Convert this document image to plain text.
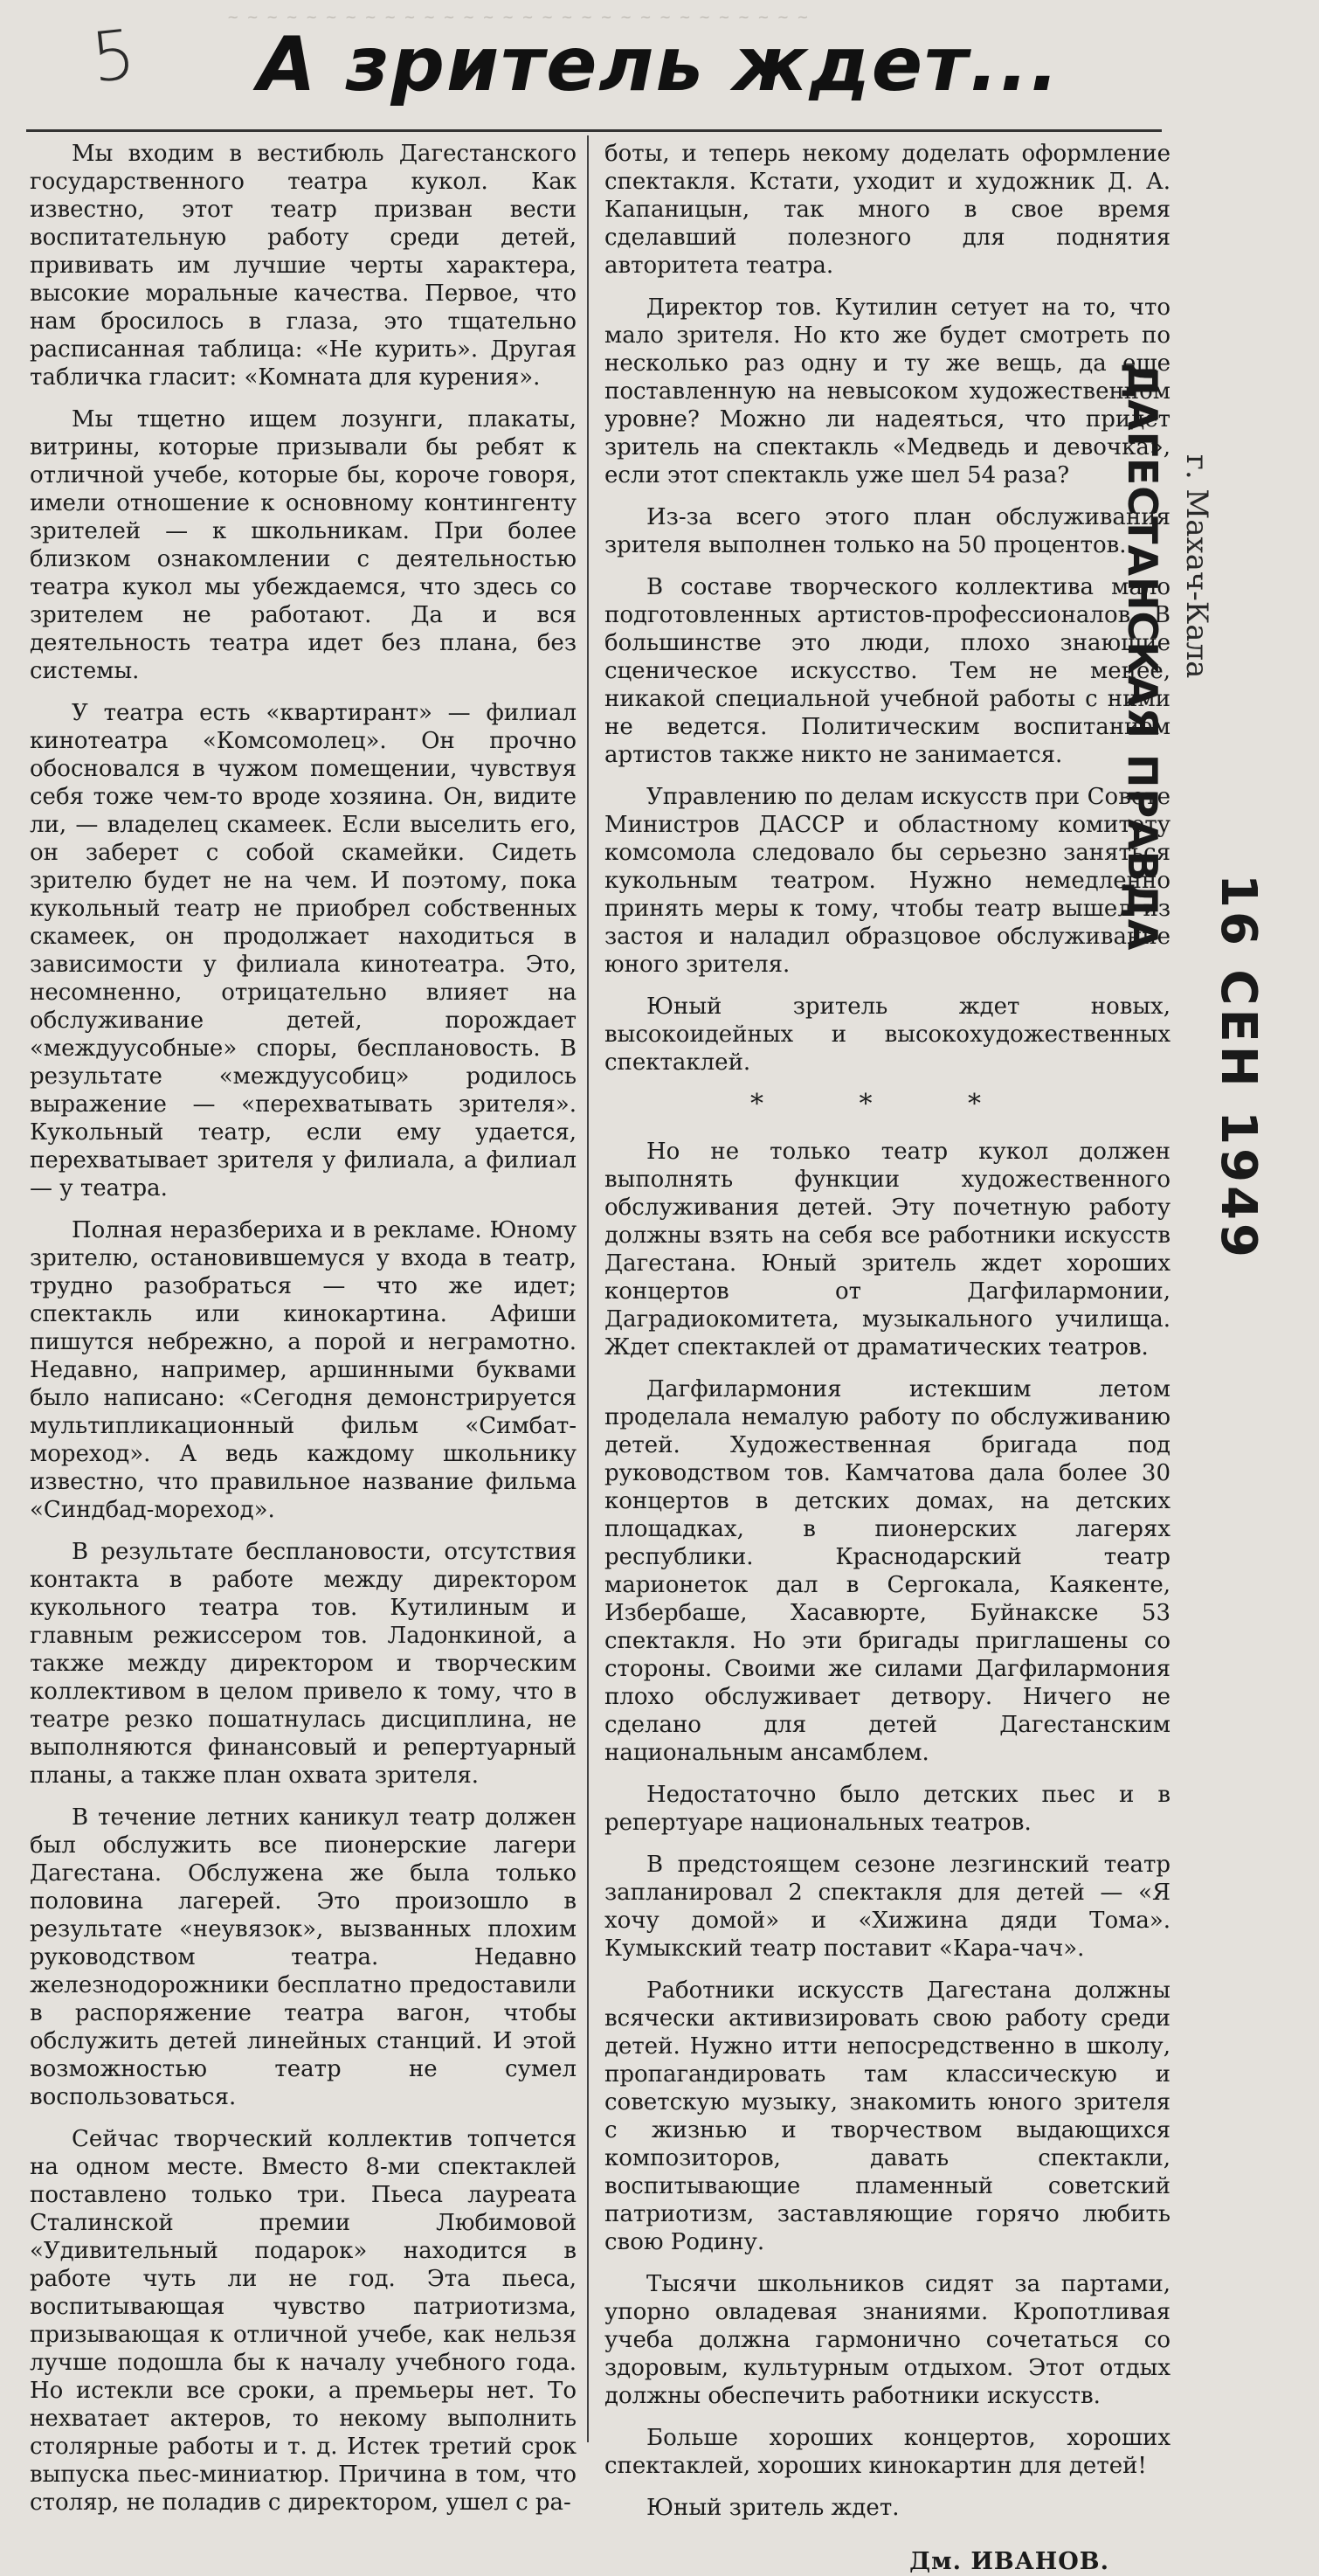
~ ~ ~ ~ ~ ~ ~ ~ ~ ~ ~ ~ ~ ~ ~ ~ ~ ~ ~ ~ ~ ~ ~ ~ ~ ~ ~ ~ ~ ~
5 А зритель ждет...

Мы входим в вестибюль Дагестанского государственного театра кукол. Как известно, этот театр призван вести воспитательную работу среди детей, прививать им лучшие черты характера, высокие моральные качества. Первое, что нам бросилось в глаза, это тщательно расписанная таблица: «Не курить». Другая табличка гласит: «Комната для курения».

Мы тщетно ищем лозунги, плакаты, витрины, которые призывали бы ребят к отличной учебе, которые бы, короче говоря, имели отношение к основному контингенту зрителей — к школьникам. При более близком ознакомлении с деятельностью театра кукол мы убеждаемся, что здесь со зрителем не работают. Да и вся деятельность театра идет без плана, без системы.

У театра есть «квартирант» — филиал кинотеатра «Комсомолец». Он прочно обосновался в чужом помещении, чувствуя себя тоже чем-то вроде хозяина. Он, видите ли, — владелец скамеек. Если выселить его, он заберет с собой скамейки. Сидеть зрителю будет не на чем. И поэтому, пока кукольный театр не приобрел собственных скамеек, он продолжает находиться в зависимости у филиала кинотеатра. Это, несомненно, отрицательно влияет на обслуживание детей, порождает «междуусобные» споры, бесплановость. В результате «междуусобиц» родилось выражение — «перехватывать зрителя». Кукольный театр, если ему удается, перехватывает зрителя у филиала, а филиал — у театра.

Полная неразбериха и в рекламе. Юному зрителю, остановившемуся у входа в театр, трудно разобраться — что же идет; спектакль или кинокартина. Афиши пишутся небрежно, а порой и неграмотно. Недавно, например, аршинными буквами было написано: «Сегодня демонстрируется мультипликационный фильм «Симбат-мореход». А ведь каждому школьнику известно, что правильное название фильма «Синдбад-мореход».

В результате бесплановости, отсутствия контакта в работе между директором кукольного театра тов. Кутилиным и главным режиссером тов. Ладонкиной, а также между директором и творческим коллективом в целом привело к тому, что в театре резко пошатнулась дисциплина, не выполняются финансовый и репертуарный планы, а также план охвата зрителя.

В течение летних каникул театр должен был обслужить все пионерские лагери Дагестана. Обслужена же была только половина лагерей. Это произошло в результате «неувязок», вызванных плохим руководством театра. Недавно железнодорожники бесплатно предоставили в распоряжение театра вагон, чтобы обслужить детей линейных станций. И этой возможностью театр не сумел воспользоваться.

Сейчас творческий коллектив топчется на одном месте. Вместо 8-ми спектаклей поставлено только три. Пьеса лауреата Сталинской премии Любимовой «Удивительный подарок» находится в работе чуть ли не год. Эта пьеса, воспитывающая чувство патриотизма, призывающая к отличной учебе, как нельзя лучше подошла бы к началу учебного года. Но истекли все сроки, а премьеры нет. То нехватает актеров, то некому выполнить столярные работы и т. д. Истек третий срок выпуска пьес-миниатюр. Причина в том, что столяр, не поладив с директором, ушел с ра-

боты, и теперь некому доделать оформление спектакля. Кстати, уходит и художник Д. А. Капаницын, так много в свое время сделавший полезного для поднятия авторитета театра.

Директор тов. Кутилин сетует на то, что мало зрителя. Но кто же будет смотреть по несколько раз одну и ту же вещь, да еще поставленную на невысоком художественном уровне? Можно ли надеяться, что придет зритель на спектакль «Медведь и девочка», если этот спектакль уже шел 54 раза?

Из-за всего этого план обслуживания зрителя выполнен только на 50 процентов.

В составе творческого коллектива мало подготовленных артистов-профессионалов. В большинстве это люди, плохо знающие сценическое искусство. Тем не менее, никакой специальной учебной работы с ними не ведется. Политическим воспитанием артистов также никто не занимается.

Управлению по делам искусств при Совете Министров ДАССР и областному комитету комсомола следовало бы серьезно заняться кукольным театром. Нужно немедленно принять меры к тому, чтобы театр вышел из застоя и наладил образцовое обслуживание юного зрителя.

Юный зритель ждет новых, высокоидейных и высокохудожественных спектаклей.

* * *

Но не только театр кукол должен выполнять функции художественного обслуживания детей. Эту почетную работу должны взять на себя все работники искусств Дагестана. Юный зритель ждет хороших концертов от Дагфилармонии, Даградиокомитета, музыкального училища. Ждет спектаклей от драматических театров.

Дагфилармония истекшим летом проделала немалую работу по обслуживанию детей. Художественная бригада под руководством тов. Камчатова дала более 30 концертов в детских домах, на детских площадках, в пионерских лагерях республики. Краснодарский театр марионеток дал в Сергокала, Каякенте, Избербаше, Хасавюрте, Буйнакске 53 спектакля. Но эти бригады приглашены со стороны. Своими же силами Дагфилармония плохо обслуживает детвору. Ничего не сделано для детей Дагестанским национальным ансамблем.

Недостаточно было детских пьес и в репертуаре национальных театров.

В предстоящем сезоне лезгинский театр запланировал 2 спектакля для детей — «Я хочу домой» и «Хижина дяди Тома». Кумыкский театр поставит «Кара-чач».

Работники искусств Дагестана должны всячески активизировать свою работу среди детей. Нужно итти непосредственно в школу, пропагандировать там классическую и советскую музыку, знакомить юного зрителя с жизнью и творчеством выдающихся композиторов, давать спектакли, воспитывающие пламенный советский патриотизм, заставляющие горячо любить свою Родину.

Тысячи школьников сидят за партами, упорно овладевая знаниями. Кропотливая учеба должна гармонично сочетаться со здоровым, культурным отдыхом. Этот отдых должны обеспечить работники искусств.

Больше хороших концертов, хороших спектаклей, хороших кинокартин для детей!

Юный зритель ждет.

Дм. ИВАНОВ.
ДАГЕСТАНСКАЯ ПРАВДА г. Махач-Кала
16 СЕН 1949
